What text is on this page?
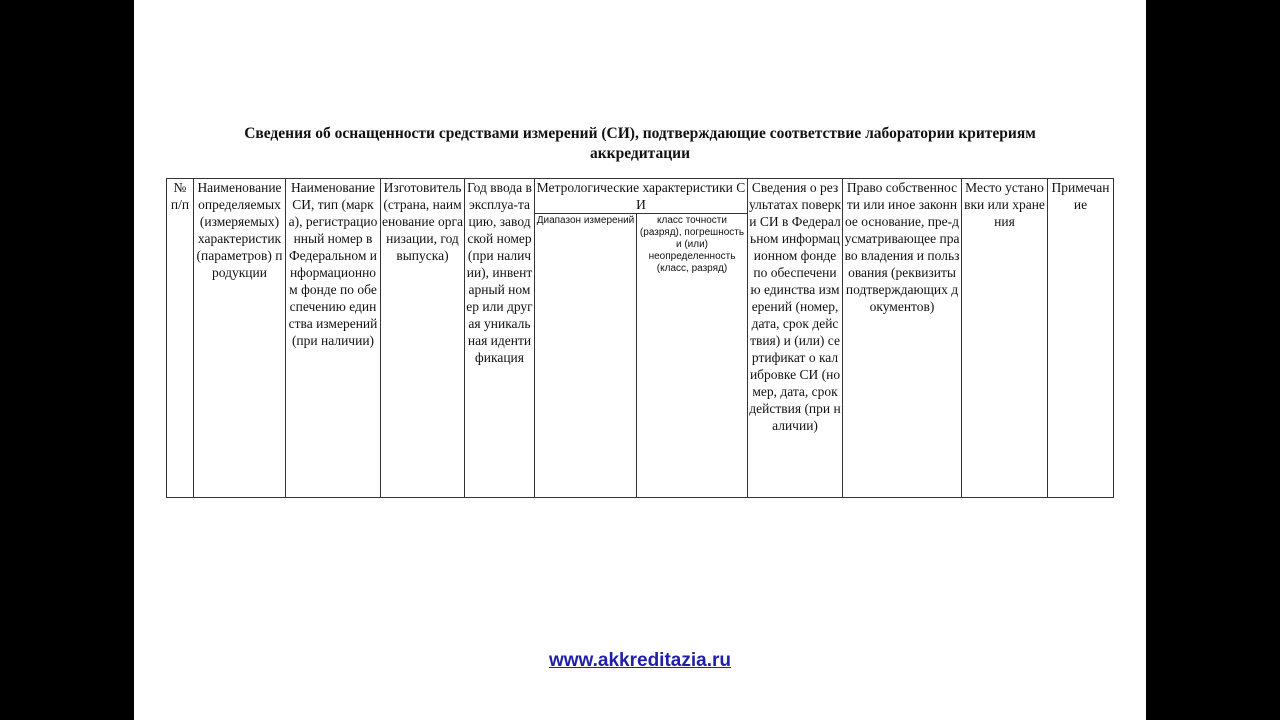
Сведения об оснащенности средствами измерений (СИ), подтверждающие соответствие лаборатории критериям
аккредитации
№ п/п	Наименование определяемых (измеряемых) характеристик (параметров) продукции	Наименование СИ, тип (марка), регистрационный номер в Федеральном информационном фонде по обеспечению единства измерений (при наличии)	Изготовитель (страна, наименование организации, год выпуска)	Год ввода в эксплуа-тацию, заводской номер (при наличии), инвентарный номер или другая уникальная идентификация	Метрологические характеристики СИ		Сведения о результатах поверки СИ в Федеральном информационном фонде по обеспечению единства измерений (номер, дата, срок действия) и (или) сертификат о калибровке СИ (номер, дата, срок действия (при наличии)	Право собственности или иное законное основание, пре-дусматривающее право владения и пользования (реквизиты подтверждающих документов)	Место установки или хранения	Примечание
					Диапазон измерений	класс точности (разряд), погрешность и (или) неопределенность (класс, разряд)				
www.akkreditazia.ru
